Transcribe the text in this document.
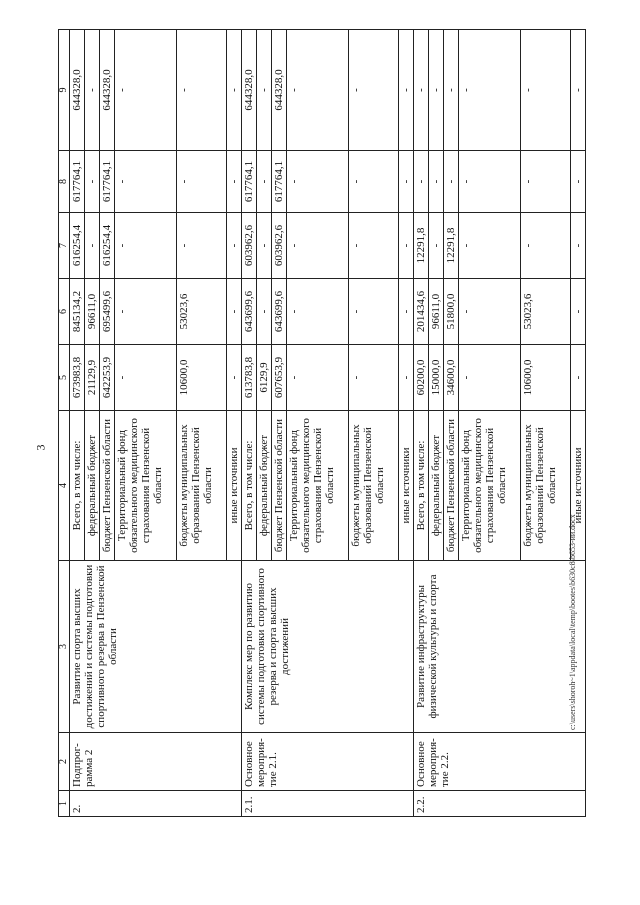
3
1	2	3	4	5	6	7	8	9
2.	Подпрог-рамма 2	Развитие спорта высших достижений и системы подготовки спортивного резерва в Пензенской области	Всего, в том числе:	673983,8	845134,2	616254,4	617764,1	644328,0
			федеральный бюджет	21129,9	96611,0	-	-	-
			бюджет Пензенской области	642253,9	695499,6	616254,4	617764,1	644328,0
			Территориальный фонд обязательного медицинского страхования Пензенской области	-	-	-	-	-
			бюджеты муниципальных образований Пензенской области	10600,0	53023,6	-	-	-
			иные источники	-	-	-	-	-
2.1.	Основное мероприя-тие 2.1.	Комплекс мер по развитию системы подготовки спортивного резерва и спорта высших достижений	Всего, в том числе:	613783,8	643699,6	603962,6	617764,1	644328,0
			федеральный бюджет	6129,9	-	-	-	-
			бюджет Пензенской области	607653,9	643699,6	603962,6	617764,1	644328,0
			Территориальный фонд обязательного медицинского страхования Пензенской области	-	-	-	-	-
			бюджеты муниципальных образований Пензенской области	-	-	-	-	-
			иные источники	-	-	-	-	-
2.2.	Основное мероприя-тие 2.2.	Развитие инфраструктуры физической культуры и спорта	Всего, в том числе:	60200,0	201434,6	12291,8	-	-
			федеральный бюджет	15000,0	96611,0	-	-	-
			бюджет Пензенской области	34600,0	51800,0	12291,8	-	-
			Территориальный фонд обязательного медицинского страхования Пензенской области	-	-	-	-	-
			бюджеты муниципальных образований Пензенской области	10600,0	53023,6	-	-	-
			иные источники	-	-	-	-	-
c:\users\shoroh~1\appdata\local\temp\bootes\b630c8\b653-ии.docx
